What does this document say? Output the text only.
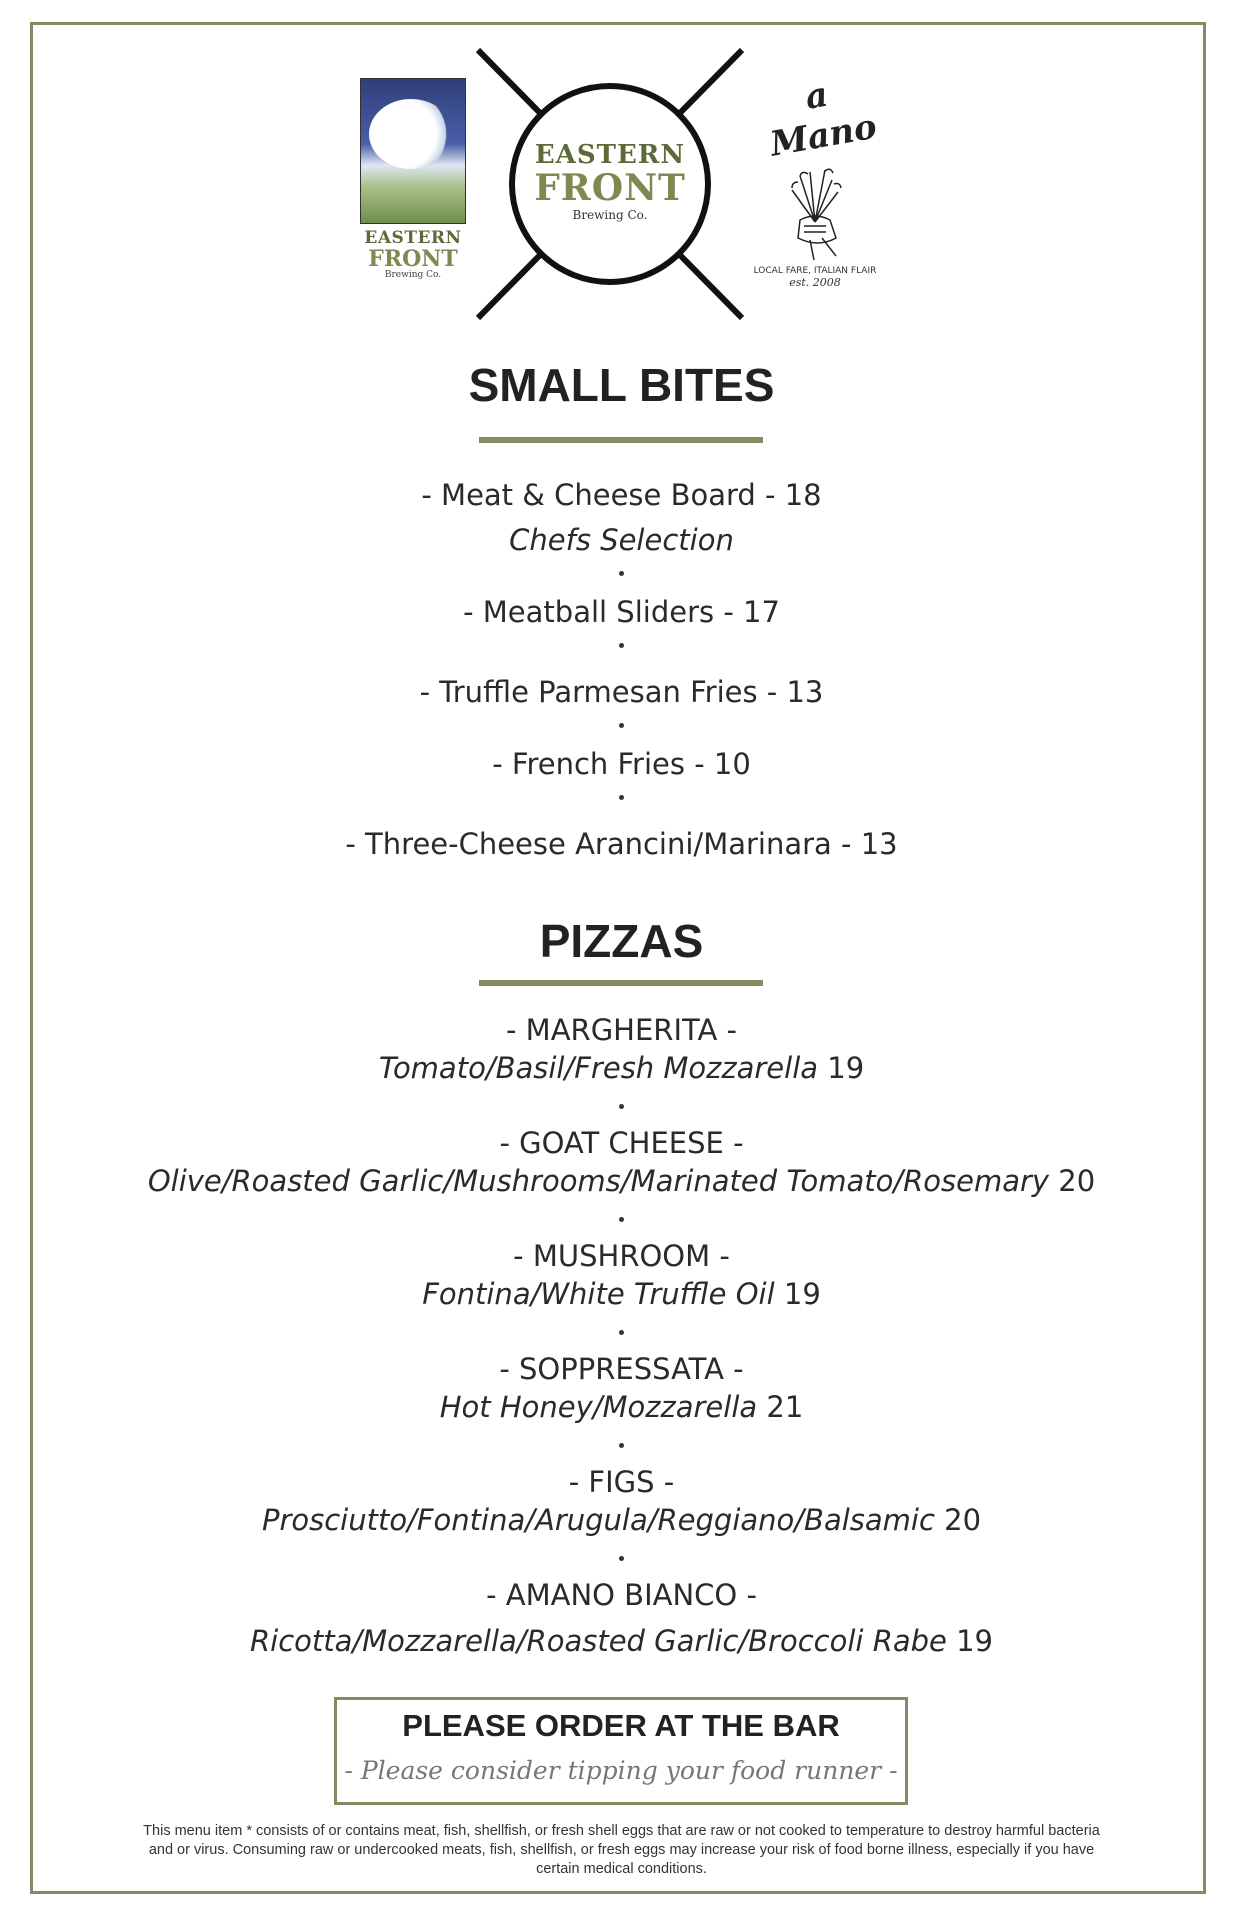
EASTERN
FRONT
Brewing Co.
EASTERN
FRONT
Brewing Co.
a Mano
LOCAL FARE, ITALIAN FLAIR
est. 2008
SMALL BITES
- Meat & Cheese Board - 18
Chefs Selection
- Meatball Sliders - 17
- Truffle Parmesan Fries - 13
- French Fries - 10
- Three-Cheese Arancini/Marinara - 13
PIZZAS
- MARGHERITA -
Tomato/Basil/Fresh Mozzarella 19
- GOAT CHEESE -
Olive/Roasted Garlic/Mushrooms/Marinated Tomato/Rosemary 20
- MUSHROOM -
Fontina/White Truffle Oil 19
- SOPPRESSATA -
Hot Honey/Mozzarella 21
- FIGS -
Prosciutto/Fontina/Arugula/Reggiano/Balsamic 20
- AMANO BIANCO -
Ricotta/Mozzarella/Roasted Garlic/Broccoli Rabe 19
PLEASE ORDER AT THE BAR
- Please consider tipping your food runner -
This menu item * consists of or contains meat, fish, shellfish, or fresh shell eggs that are raw or not cooked to temperature to destroy harmful bacteria and or virus. Consuming raw or undercooked meats, fish, shellfish, or fresh eggs may increase your risk of food borne illness, especially if you have certain medical conditions.
